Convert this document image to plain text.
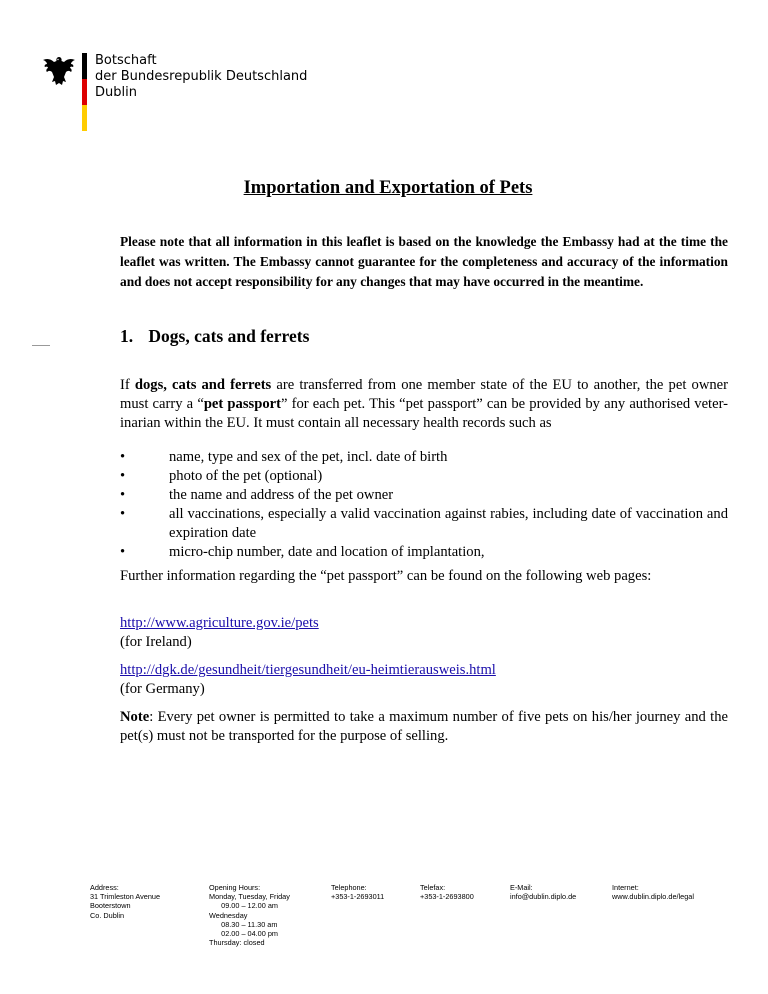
Botschaft
der Bundesrepublik Deutschland
Dublin
Importation and Exportation of Pets
Please note that all information in this leaflet is based on the knowledge the Embassy had at the time the leaflet was written. The Embassy cannot guarantee for the completeness and accuracy of the information and does not accept responsibility for any changes that may have occurred in the meantime.
1. Dogs, cats and ferrets
If dogs, cats and ferrets are transferred from one member state of the EU to another, the pet owner must carry a “pet passport” for each pet. This “pet passport” can be provided by any authorised veter-inarian within the EU. It must contain all necessary health records such as
•	name, type and sex of the pet, incl. date of birth
•	photo of the pet (optional)
•	the name and address of the pet owner
•	all vaccinations, especially a valid vaccination against rabies, including date of vaccination and expiration date
•	micro-chip number, date and location of implantation,
Further information regarding the “pet passport” can be found on the following web pages:
http://www.agriculture.gov.ie/pets
(for Ireland)
http://dgk.de/gesundheit/tiergesundheit/eu-heimtierausweis.html
(for Germany)
Note: Every pet owner is permitted to take a maximum number of five pets on his/her journey and the pet(s) must not be transported for the purpose of selling.
Address:
31 Trimleston Avenue
Booterstown
Co. Dublin
Opening Hours:
Monday, Tuesday, Friday
09.00 – 12.00 am
Wednesday
08.30 – 11.30 am
02.00 – 04.00 pm
Thursday: closed
Telephone:
+353-1-2693011
Telefax:
+353-1-2693800
E-Mail:
info@dublin.diplo.de
Internet:
www.dublin.diplo.de/legal
